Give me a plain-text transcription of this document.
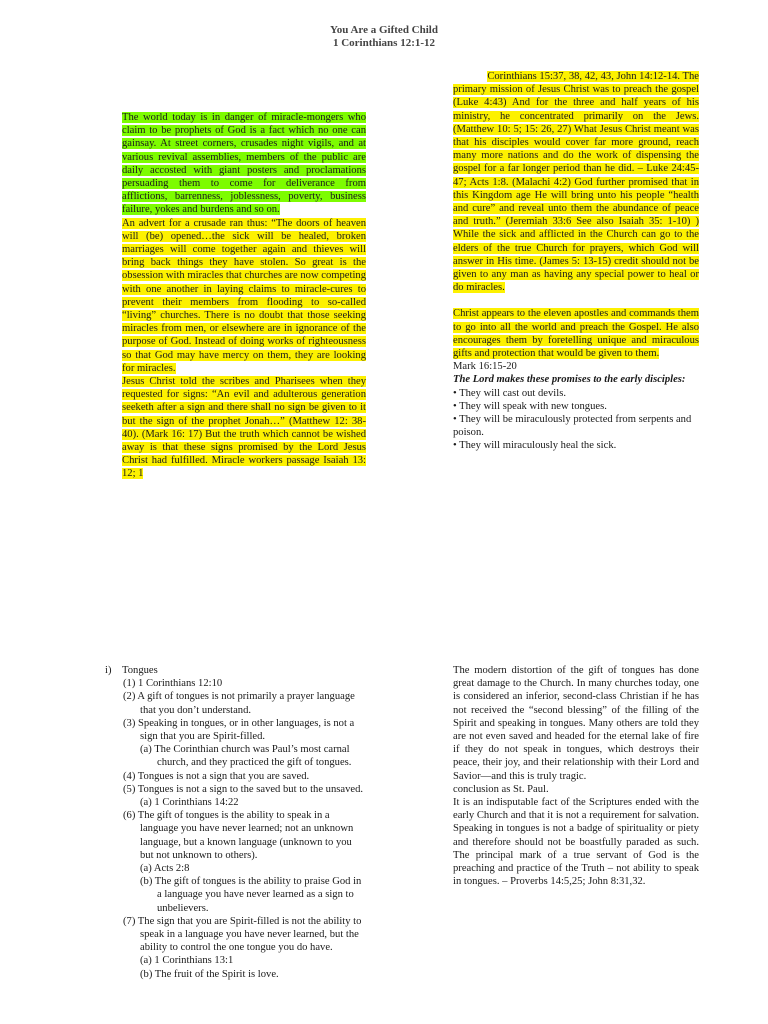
You Are a Gifted Child
1 Corinthians 12:1-12

The world today is in danger of miracle-mongers who claim to be prophets of God is a fact which no one can gainsay. At street corners, crusades night vigils, and at various revival assemblies, members of the public are daily accosted with giant posters and proclamations persuading them to come for deliverance from afflictions, barrenness, joblessness, poverty, business failure, yokes and burdens and so on.

An advert for a crusade ran thus: “The doors of heaven will (be) opened…the sick will be healed, broken marriages will come together again and thieves will bring back things they have stolen. So great is the obsession with miracles that churches are now competing with one another in laying claims to miracle-cures to prevent their members from flooding to so-called “living” churches. There is no doubt that those seeking miracles from men, or elsewhere are in ignorance of the purpose of God. Instead of doing works of righteousness so that God may have mercy on them, they are looking for miracles.

Jesus Christ told the scribes and Pharisees when they requested for signs: “An evil and adulterous generation seeketh after a sign and there shall no sign be given to it but the sign of the prophet Jonah…” (Matthew 12: 38-40). (Mark 16: 17) But the truth which cannot be wished away is that these signs promised by the Lord Jesus Christ had fulfilled. Miracle workers passage Isaiah 13: 12; 1

Corinthians 15:37, 38, 42, 43, John 14:12-14. The

primary mission of Jesus Christ was to preach the gospel (Luke 4:43) And for the three and half years of his ministry, he concentrated primarily on the Jews. (Matthew 10: 5; 15: 26, 27) What Jesus Christ meant was that his disciples would cover far more ground, reach many more nations and do the work of dispensing the gospel for a far longer period than he did. – Luke 24:45-47; Acts 1:8. (Malachi 4:2) God further promised that in this Kingdom age He will bring unto his people “health and cure” and reveal unto them the abundance of peace and truth.” (Jeremiah 33:6 See also Isaiah 35: 1-10) ) While the sick and afflicted in the Church can go to the elders of the true Church for prayers, which God will answer in His time. (James 5: 13-15) credit should not be given to any man as having any special power to heal or do miracles.

Christ appears to the eleven apostles and commands them to go into all the world and preach the Gospel. He also encourages them by foretelling unique and miraculous gifts and protection that would be given to them.

Mark 16:15-20

The Lord makes these promises to the early disciples:

• They will cast out devils.
• They will speak with new tongues.
• They will be miraculously protected from serpents and poison.
• They will miraculously heal the sick.
i) Tongues
(1) 1 Corinthians 12:10
(2) A gift of tongues is not primarily a prayer language that you don’t understand.
(3) Speaking in tongues, or in other languages, is not a sign that you are Spirit-filled.
(a) The Corinthian church was Paul’s most carnal church, and they practiced the gift of tongues.
(4) Tongues is not a sign that you are saved.
(5) Tongues is not a sign to the saved but to the unsaved.
(a) 1 Corinthians 14:22
(6) The gift of tongues is the ability to speak in a language you have never learned; not an unknown language, but a known language (unknown to you but not unknown to others).
(a) Acts 2:8
(b) The gift of tongues is the ability to praise God in a language you have never learned as a sign to unbelievers.
(7) The sign that you are Spirit-filled is not the ability to speak in a language you have never learned, but the ability to control the one tongue you do have.
(a) 1 Corinthians 13:1
(b) The fruit of the Spirit is love.

The modern distortion of the gift of tongues has done great damage to the Church. In many churches today, one is considered an inferior, second-class Christian if he has not received the “second blessing” of the filling of the Spirit and speaking in tongues. Many others are told they are not even saved and headed for the eternal lake of fire if they do not speak in tongues, which destroys their peace, their joy, and their relationship with their Lord and Savior—and this is truly tragic.

conclusion as St. Paul.

It is an indisputable fact of the Scriptures ended with the early Church and that it is not a requirement for salvation. Speaking in tongues is not a badge of spirituality or piety and therefore should not be boastfully paraded as such. The principal mark of a true servant of God is the preaching and practice of the Truth – not ability to speak in tongues. – Proverbs 14:5,25; John 8:31,32.
